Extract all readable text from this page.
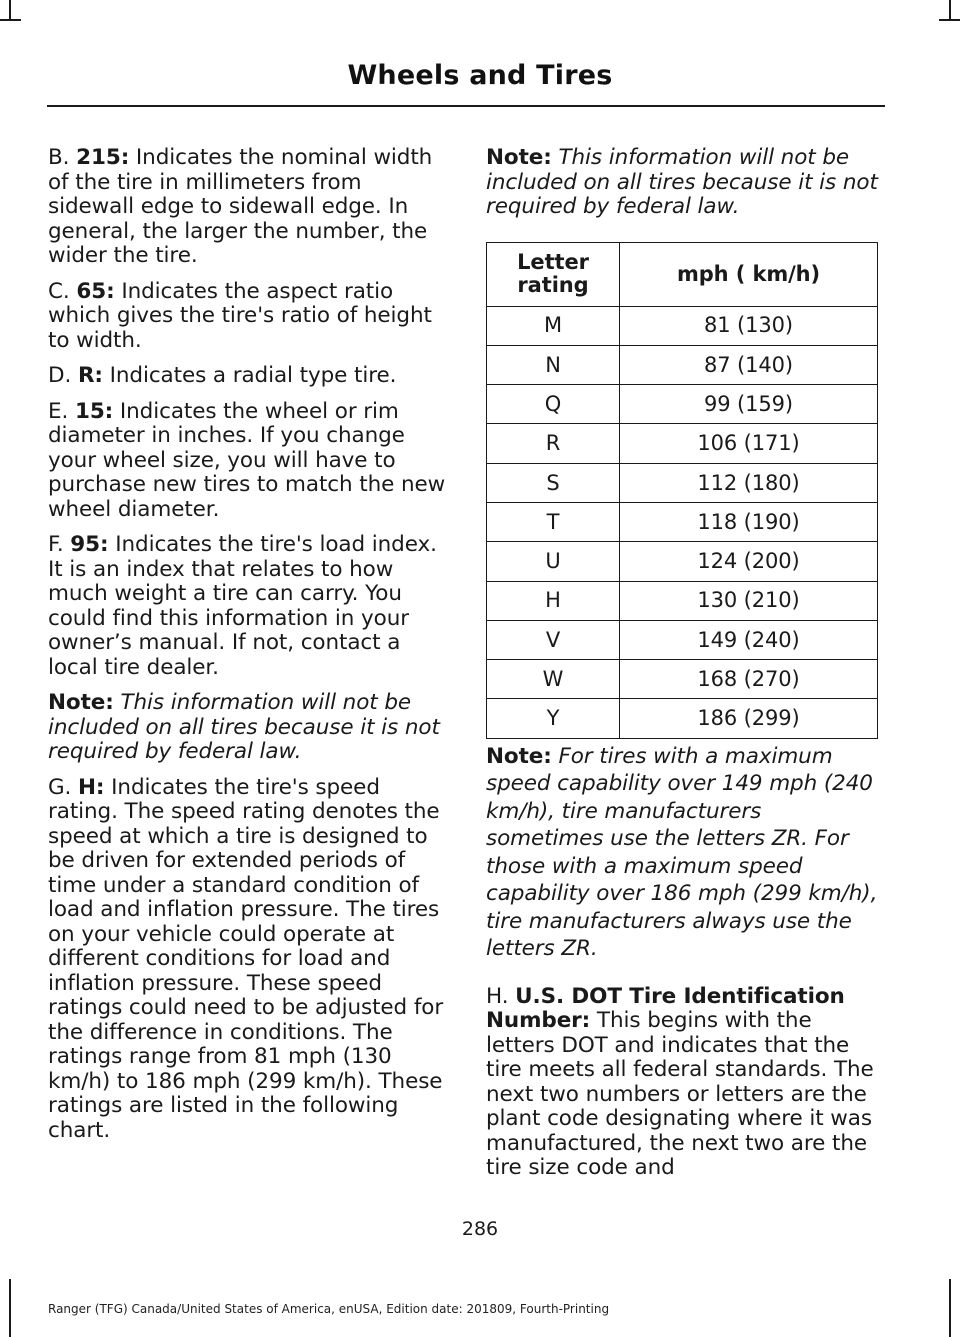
Wheels and Tires

B. 215: Indicates the nominal width of the tire in millimeters from sidewall edge to sidewall edge. In general, the larger the number, the wider the tire.

C. 65: Indicates the aspect ratio which gives the tire's ratio of height to width.

D. R: Indicates a radial type tire.

E. 15: Indicates the wheel or rim diameter in inches. If you change your wheel size, you will have to purchase new tires to match the new wheel diameter.

F. 95: Indicates the tire's load index. It is an index that relates to how much weight a tire can carry. You could find this information in your owner’s manual. If not, contact a local tire dealer.

Note: This information will not be included on all tires because it is not required by federal law.

G. H: Indicates the tire's speed rating. The speed rating denotes the speed at which a tire is designed to be driven for extended periods of time under a standard condition of load and inflation pressure. The tires on your vehicle could operate at different conditions for load and inflation pressure. These speed ratings could need to be adjusted for the difference in conditions. The ratings range from 81 mph (130 km/h) to 186 mph (299 km/h). These ratings are listed in the following chart.

Note: This information will not be included on all tires because it is not required by federal law.

Letter rating	mph ( km/h)
M	81 (130)
N	87 (140)
Q	99 (159)
R	106 (171)
S	112 (180)
T	118 (190)
U	124 (200)
H	130 (210)
V	149 (240)
W	168 (270)
Y	186 (299)

Note: For tires with a maximum speed capability over 149 mph (240 km/h), tire manufacturers sometimes use the letters ZR. For those with a maximum speed capability over 186 mph (299 km/h), tire manufacturers always use the letters ZR.

H. U.S. DOT Tire Identification Number: This begins with the letters DOT and indicates that the tire meets all federal standards. The next two numbers or letters are the plant code designating where it was manufactured, the next two are the tire size code and

286
Ranger (TFG) Canada/United States of America, enUSA, Edition date: 201809, Fourth-Printing
